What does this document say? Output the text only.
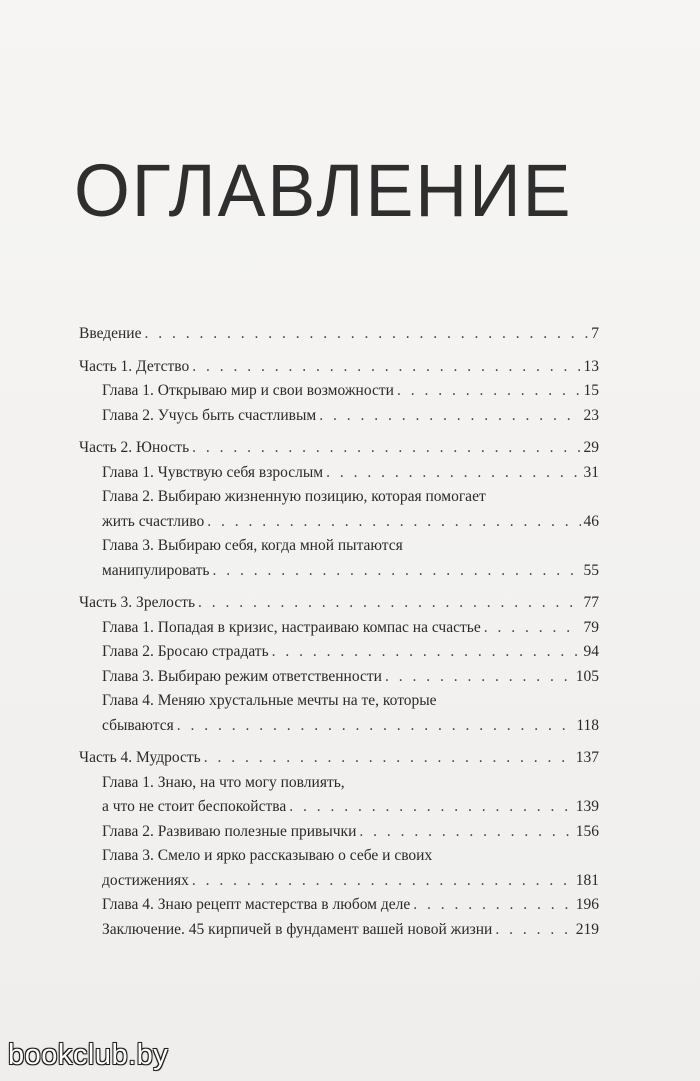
ОГЛАВЛЕНИЕ
Введение . . .	7
Часть 1. Детство . . .	13
Глава 1. Открываю мир и свои возможности . . .	15
Глава 2. Учусь быть счастливым . . .	23
Часть 2. Юность . . .	29
Глава 1. Чувствую себя взрослым . . .	31
Глава 2. Выбираю жизненную позицию, которая помогает
жить счастливо . . .	46
Глава 3. Выбираю себя, когда мной пытаются
манипулировать . . .	55
Часть 3. Зрелость . . .	77
Глава 1. Попадая в кризис, настраиваю компас на счастье . . .	79
Глава 2. Бросаю страдать . . .	94
Глава 3. Выбираю режим ответственности . . .	105
Глава 4. Меняю хрустальные мечты на те, которые
сбываются . . .	118
Часть 4. Мудрость . . .	137
Глава 1. Знаю, на что могу повлиять,
а что не стоит беспокойства . . .	139
Глава 2. Развиваю полезные привычки . . .	156
Глава 3. Смело и ярко рассказываю о себе и своих
достижениях . . .	181
Глава 4. Знаю рецепт мастерства в любом деле . . .	196
Заключение. 45 кирпичей в фундамент вашей новой жизни . . .	219
bookclub.by
